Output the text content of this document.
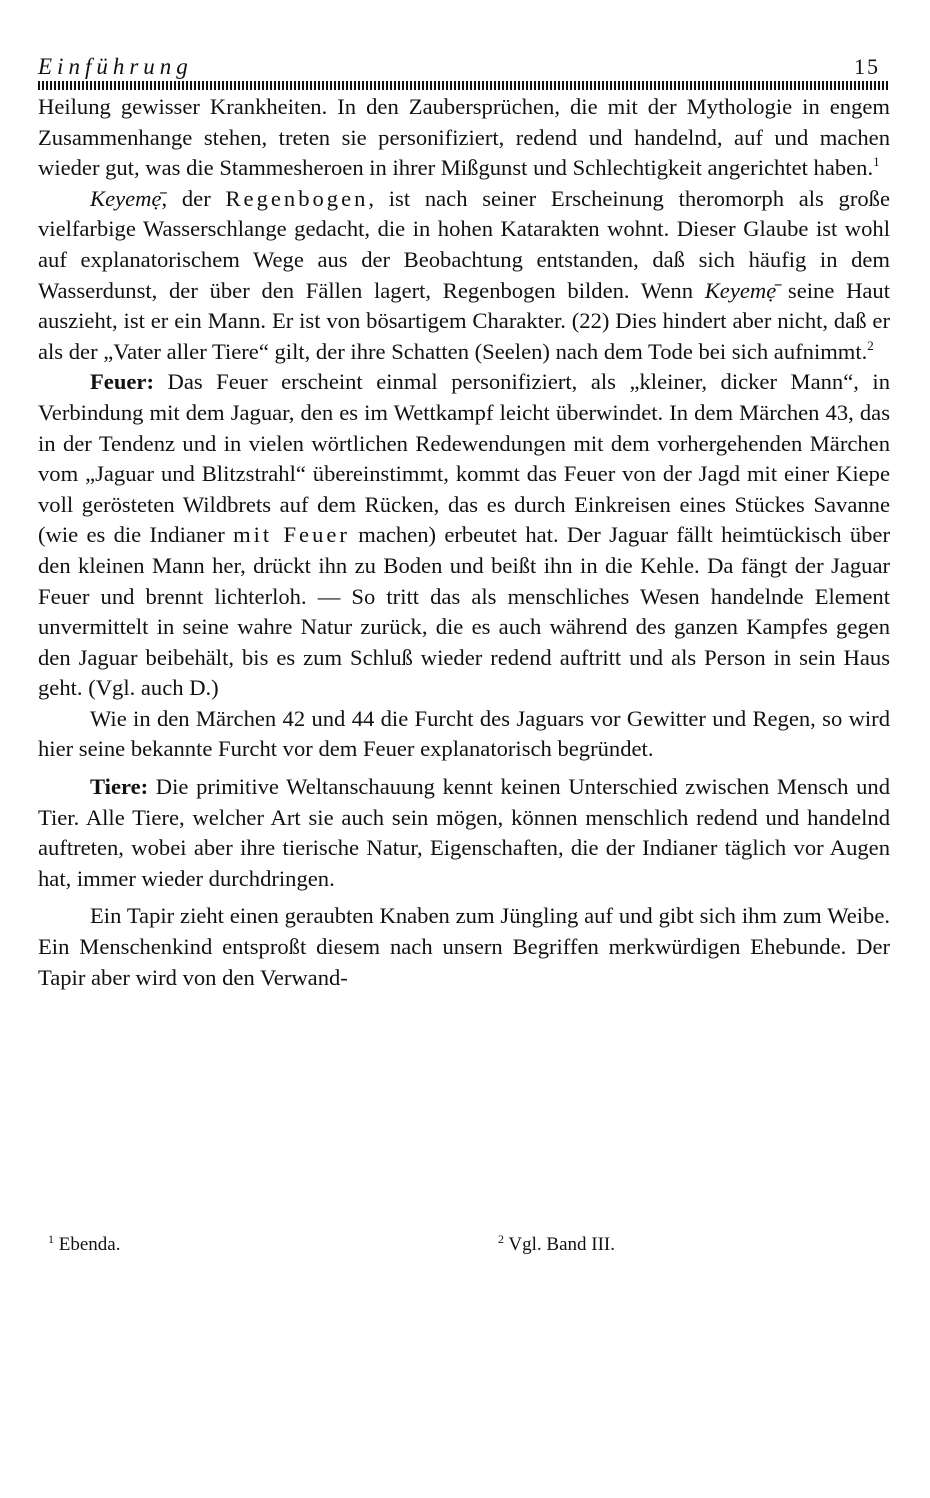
Einführung	15

Heilung gewisser Krankheiten. In den Zaubersprüchen, die mit der Mythologie in engem Zusammenhange stehen, treten sie personifiziert, redend und handelnd, auf und machen wieder gut, was die Stammesheroen in ihrer Mißgunst und Schlechtigkeit angerichtet haben.$^1$

Keyemẹ̄, der Regenbogen, ist nach seiner Erscheinung theromorph als große vielfarbige Wasserschlange gedacht, die in hohen Katarakten wohnt. Dieser Glaube ist wohl auf explanatorischem Wege aus der Beobachtung entstanden, daß sich häufig in dem Wasserdunst, der über den Fällen lagert, Regenbogen bilden. Wenn Keyemẹ̄ seine Haut auszieht, ist er ein Mann. Er ist von bösartigem Charakter. (22) Dies hindert aber nicht, daß er als der „Vater aller Tiere“ gilt, der ihre Schatten (Seelen) nach dem Tode bei sich aufnimmt.$^2$

Feuer: Das Feuer erscheint einmal personifiziert, als „kleiner, dicker Mann“, in Verbindung mit dem Jaguar, den es im Wettkampf leicht überwindet. In dem Märchen 43, das in der Tendenz und in vielen wörtlichen Redewendungen mit dem vorhergehenden Märchen vom „Jaguar und Blitzstrahl“ übereinstimmt, kommt das Feuer von der Jagd mit einer Kiepe voll gerösteten Wildbrets auf dem Rücken, das es durch Einkreisen eines Stückes Savanne (wie es die Indianer mit Feuer machen) erbeutet hat. Der Jaguar fällt heimtückisch über den kleinen Mann her, drückt ihn zu Boden und beißt ihn in die Kehle. Da fängt der Jaguar Feuer und brennt lichterloh. — So tritt das als menschliches Wesen handelnde Element unvermittelt in seine wahre Natur zurück, die es auch während des ganzen Kampfes gegen den Jaguar beibehält, bis es zum Schluß wieder redend auftritt und als Person in sein Haus geht. (Vgl. auch D.)

Wie in den Märchen 42 und 44 die Furcht des Jaguars vor Gewitter und Regen, so wird hier seine bekannte Furcht vor dem Feuer explanatorisch begründet.

Tiere: Die primitive Weltanschauung kennt keinen Unterschied zwischen Mensch und Tier. Alle Tiere, welcher Art sie auch sein mögen, können menschlich redend und handelnd auftreten, wobei aber ihre tierische Natur, Eigenschaften, die der Indianer täglich vor Augen hat, immer wieder durchdringen.

Ein Tapir zieht einen geraubten Knaben zum Jüngling auf und gibt sich ihm zum Weibe. Ein Menschenkind entsproßt diesem nach unsern Begriffen merkwürdigen Ehebunde. Der Tapir aber wird von den Verwand-

$^1$ Ebenda.	$^2$ Vgl. Band III.
